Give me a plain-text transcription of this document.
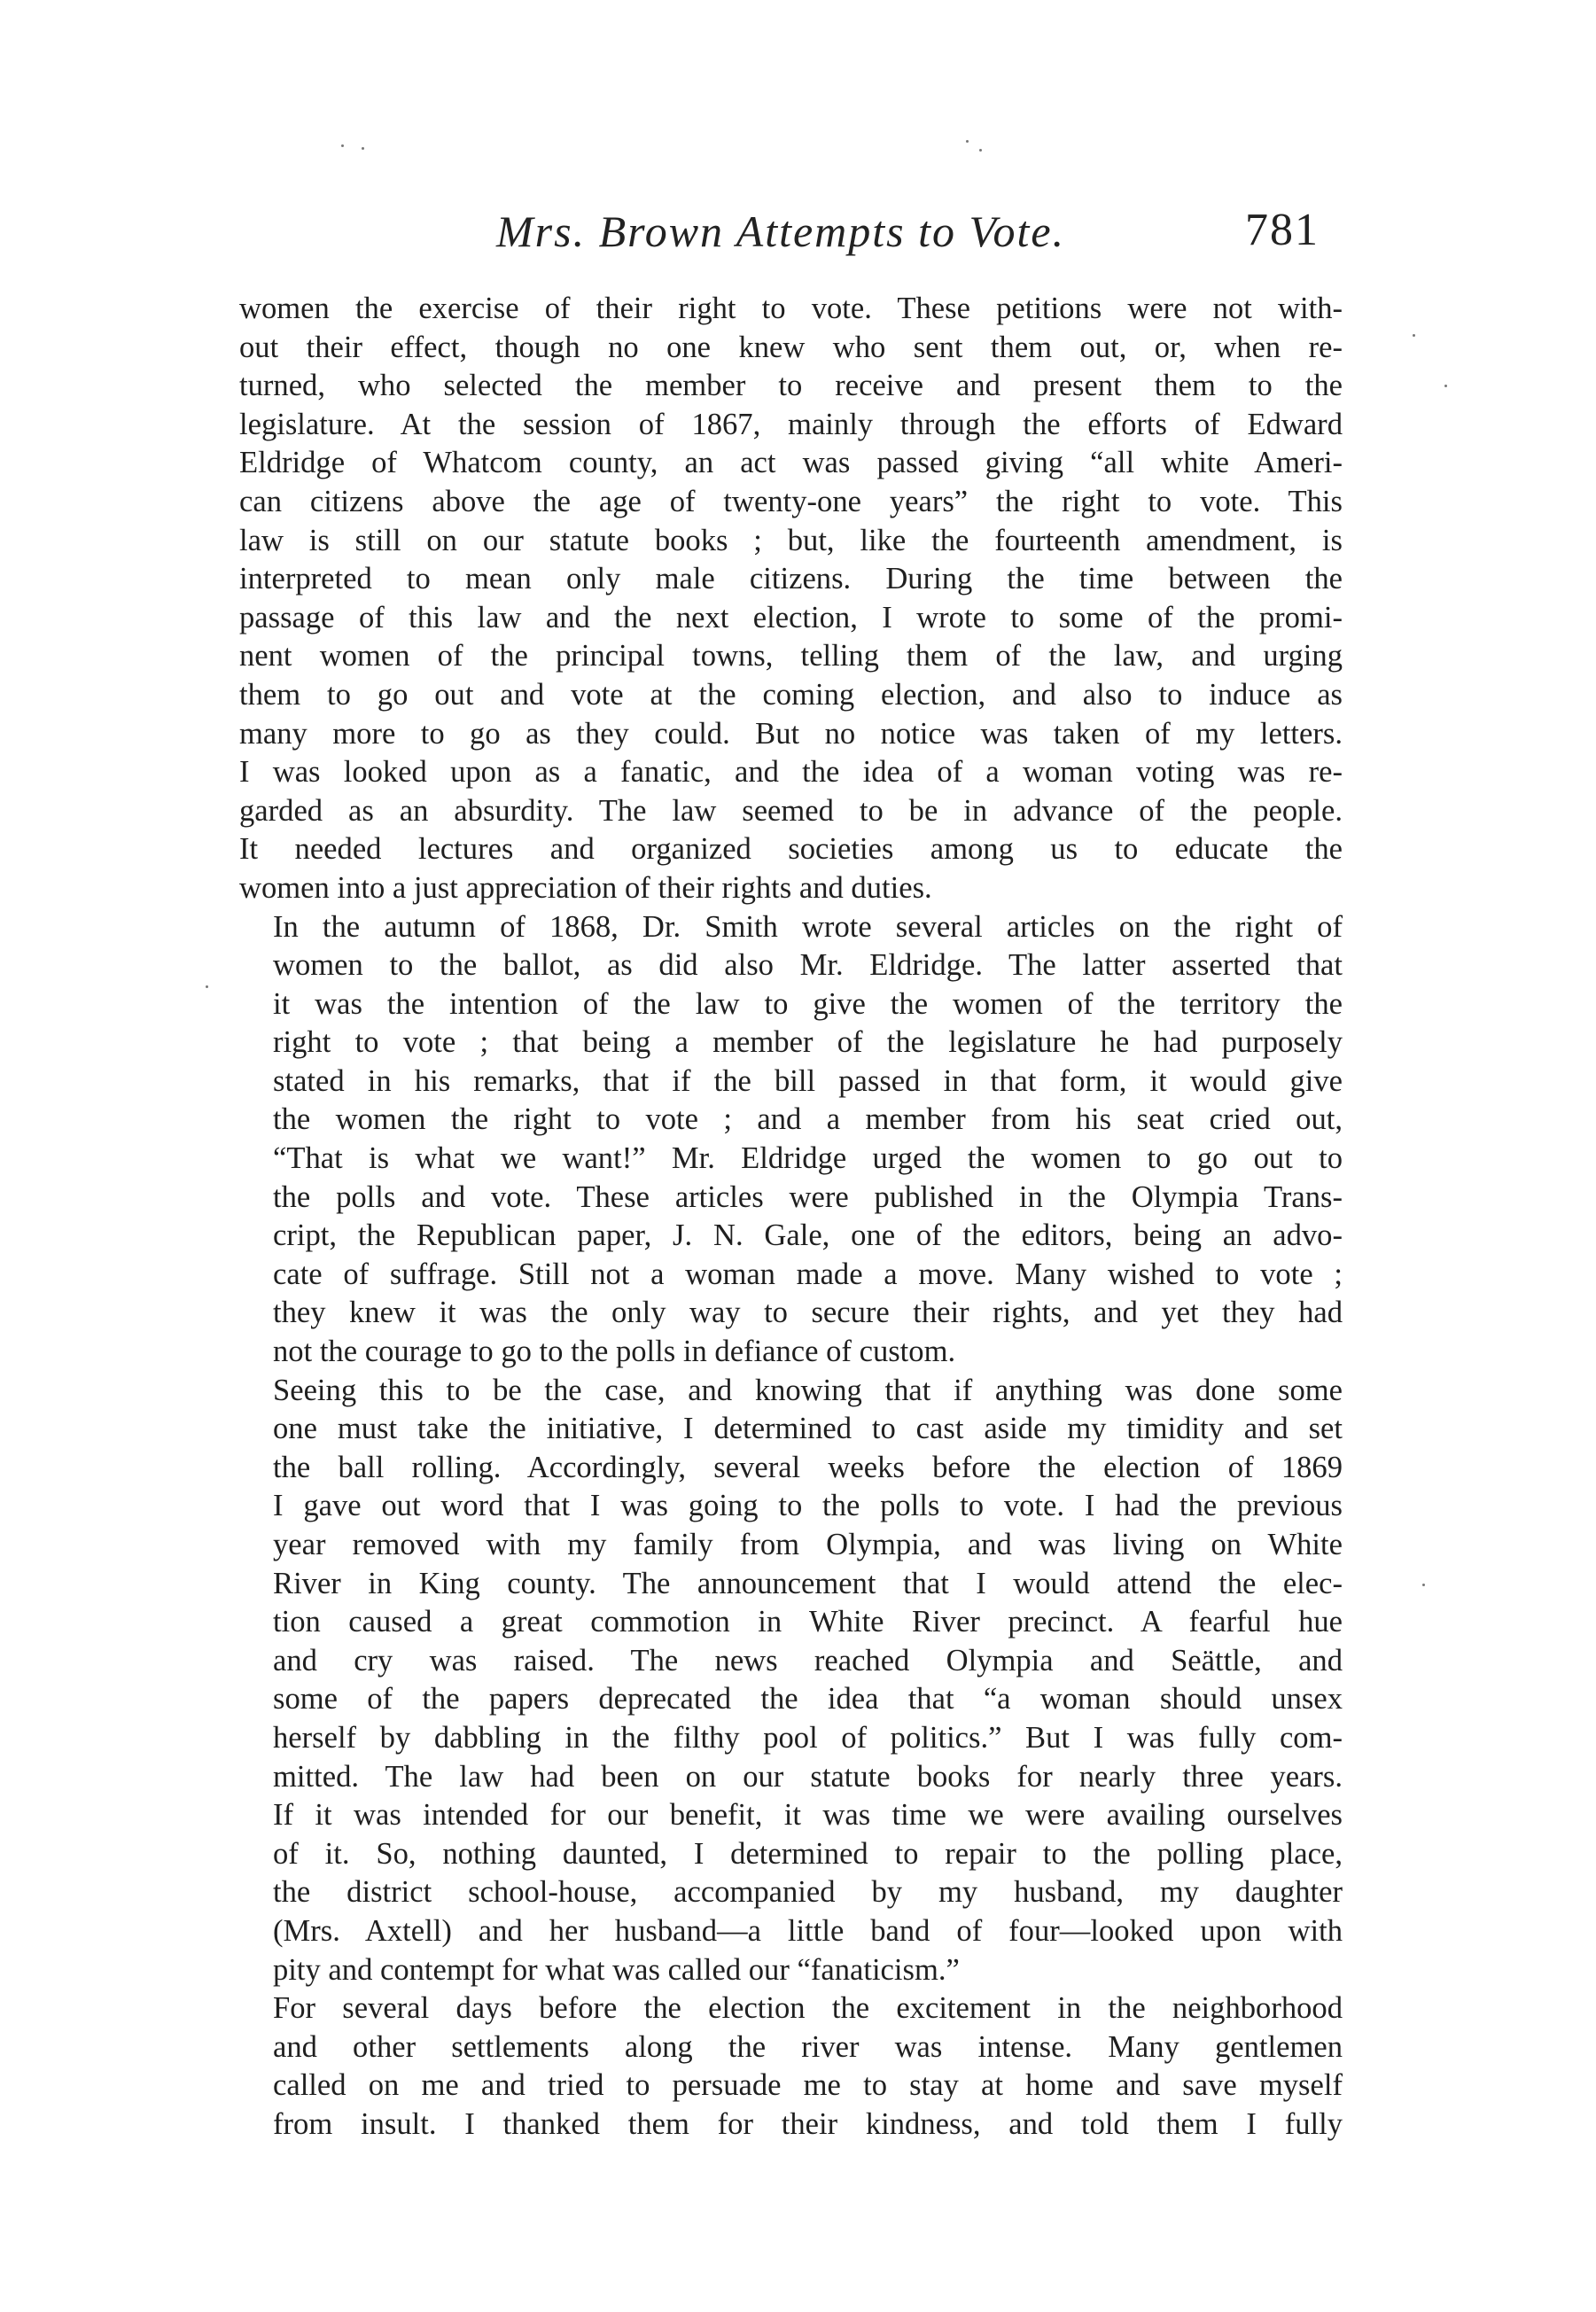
Mrs. Brown Attempts to Vote.	781

women the exercise of their right to vote. These petitions were not with-
out their effect, though no one knew who sent them out, or, when re-
turned, who selected the member to receive and present them to the
legislature. At the session of 1867, mainly through the efforts of Edward
Eldridge of Whatcom county, an act was passed giving “all white Ameri-
can citizens above the age of twenty-one years” the right to vote. This
law is still on our statute books ; but, like the fourteenth amendment, is
interpreted to mean only male citizens. During the time between the
passage of this law and the next election, I wrote to some of the promi-
nent women of the principal towns, telling them of the law, and urging
them to go out and vote at the coming election, and also to induce as
many more to go as they could. But no notice was taken of my letters.
I was looked upon as a fanatic, and the idea of a woman voting was re-
garded as an absurdity. The law seemed to be in advance of the people.
It needed lectures and organized societies among us to educate the
women into a just appreciation of their rights and duties.

In the autumn of 1868, Dr. Smith wrote several articles on the right of
women to the ballot, as did also Mr. Eldridge. The latter asserted that
it was the intention of the law to give the women of the territory the
right to vote ; that being a member of the legislature he had purposely
stated in his remarks, that if the bill passed in that form, it would give
the women the right to vote ; and a member from his seat cried out,
“That is what we want!” Mr. Eldridge urged the women to go out to
the polls and vote. These articles were published in the Olympia Trans-
cript, the Republican paper, J. N. Gale, one of the editors, being an advo-
cate of suffrage. Still not a woman made a move. Many wished to vote ;
they knew it was the only way to secure their rights, and yet they had
not the courage to go to the polls in defiance of custom.

Seeing this to be the case, and knowing that if anything was done some
one must take the initiative, I determined to cast aside my timidity and set
the ball rolling. Accordingly, several weeks before the election of 1869
I gave out word that I was going to the polls to vote. I had the previous
year removed with my family from Olympia, and was living on White
River in King county. The announcement that I would attend the elec-
tion caused a great commotion in White River precinct. A fearful hue
and cry was raised. The news reached Olympia and Seättle, and
some of the papers deprecated the idea that “a woman should unsex
herself by dabbling in the filthy pool of politics.” But I was fully com-
mitted. The law had been on our statute books for nearly three years.
If it was intended for our benefit, it was time we were availing ourselves
of it. So, nothing daunted, I determined to repair to the polling place,
the district school-house, accompanied by my husband, my daughter
(Mrs. Axtell) and her husband—a little band of four—looked upon with
pity and contempt for what was called our “fanaticism.”

For several days before the election the excitement in the neighborhood
and other settlements along the river was intense. Many gentlemen
called on me and tried to persuade me to stay at home and save myself
from insult. I thanked them for their kindness, and told them I fully
